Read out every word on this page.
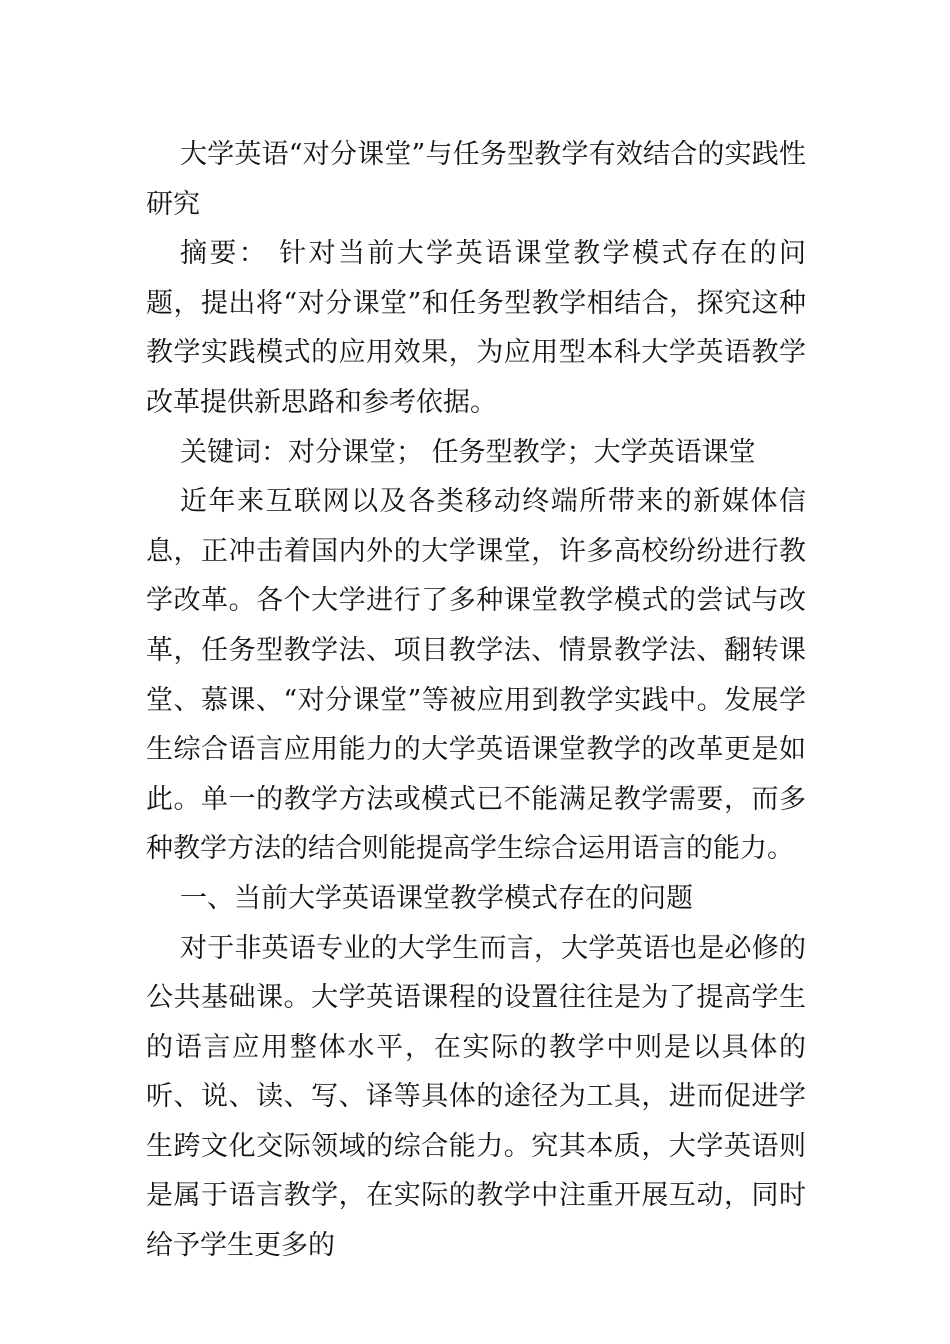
大学英语“对分课堂”与任务型教学有效结合的实践性研究

摘要： 针对当前大学英语课堂教学模式存在的问题，提出将“对分课堂”和任务型教学相结合，探究这种教学实践模式的应用效果，为应用型本科大学英语教学改革提供新思路和参考依据。

关键词：对分课堂； 任务型教学；大学英语课堂

近年来互联网以及各类移动终端所带来的新媒体信息，正冲击着国内外的大学课堂，许多高校纷纷进行教学改革。各个大学进行了多种课堂教学模式的尝试与改革，任务型教学法、项目教学法、情景教学法、翻转课堂、慕课、“对分课堂”等被应用到教学实践中。发展学生综合语言应用能力的大学英语课堂教学的改革更是如此。单一的教学方法或模式已不能满足教学需要，而多种教学方法的结合则能提高学生综合运用语言的能力。

一、当前大学英语课堂教学模式存在的问题

对于非英语专业的大学生而言，大学英语也是必修的公共基础课。大学英语课程的设置往往是为了提高学生的语言应用整体水平，在实际的教学中则是以具体的听、说、读、写、译等具体的途径为工具，进而促进学生跨文化交际领域的综合能力。究其本质，大学英语则是属于语言教学，在实际的教学中注重开展互动，同时给予学生更多的
